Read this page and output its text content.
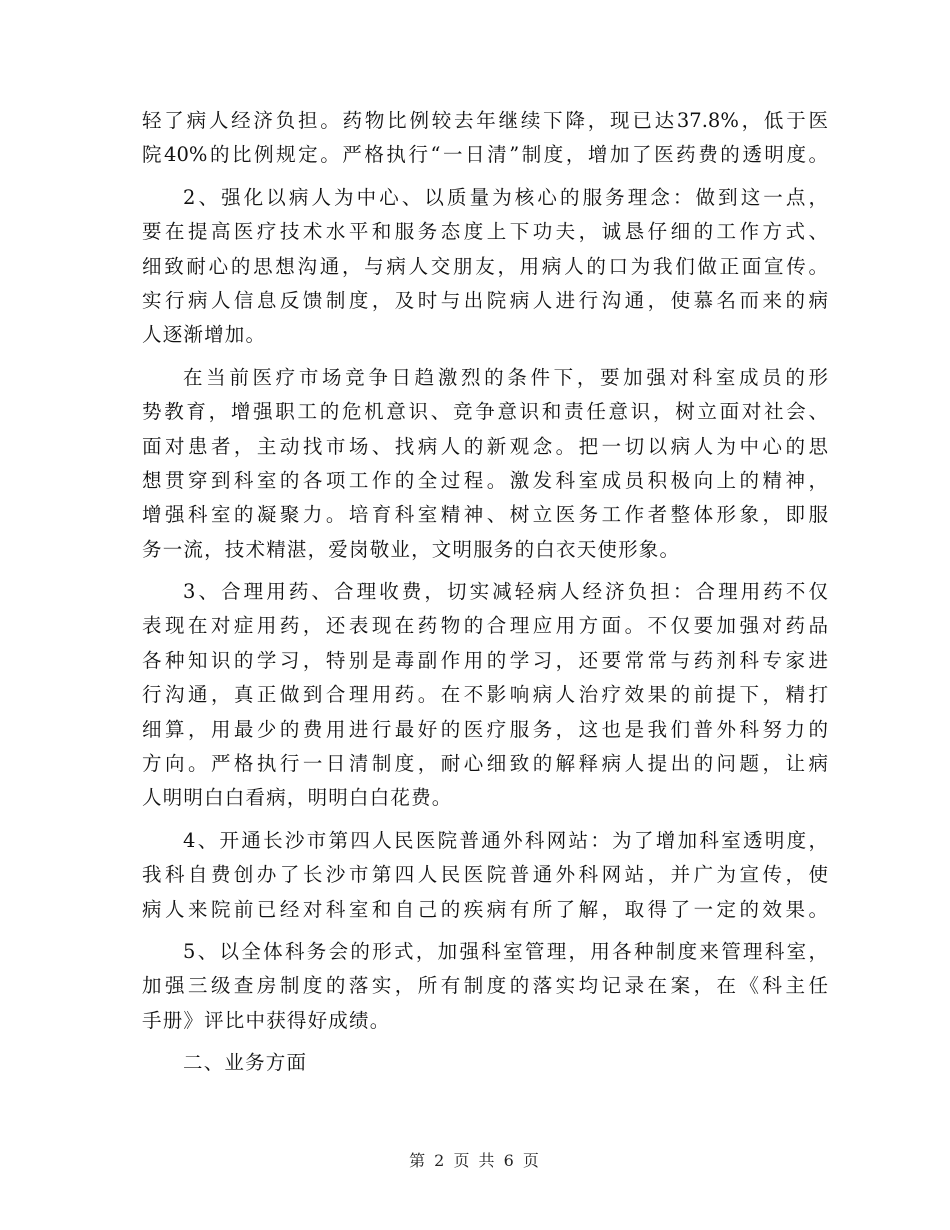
轻了病人经济负担。药物比例较去年继续下降，现已达37.8%，低于医
院40%的比例规定。严格执行“一日清”制度，增加了医药费的透明度。
2、强化以病人为中心、以质量为核心的服务理念：做到这一点，
要在提高医疗技术水平和服务态度上下功夫，诚恳仔细的工作方式、
细致耐心的思想沟通，与病人交朋友，用病人的口为我们做正面宣传。
实行病人信息反馈制度，及时与出院病人进行沟通，使慕名而来的病
人逐渐增加。
在当前医疗市场竞争日趋激烈的条件下，要加强对科室成员的形
势教育，增强职工的危机意识、竞争意识和责任意识，树立面对社会、
面对患者，主动找市场、找病人的新观念。把一切以病人为中心的思
想贯穿到科室的各项工作的全过程。激发科室成员积极向上的精神，
增强科室的凝聚力。培育科室精神、树立医务工作者整体形象，即服
务一流，技术精湛，爱岗敬业，文明服务的白衣天使形象。
3、合理用药、合理收费，切实减轻病人经济负担：合理用药不仅
表现在对症用药，还表现在药物的合理应用方面。不仅要加强对药品
各种知识的学习，特别是毒副作用的学习，还要常常与药剂科专家进
行沟通，真正做到合理用药。在不影响病人治疗效果的前提下，精打
细算，用最少的费用进行最好的医疗服务，这也是我们普外科努力的
方向。严格执行一日清制度，耐心细致的解释病人提出的问题，让病
人明明白白看病，明明白白花费。
4、开通长沙市第四人民医院普通外科网站：为了增加科室透明度，
我科自费创办了长沙市第四人民医院普通外科网站，并广为宣传，使
病人来院前已经对科室和自己的疾病有所了解，取得了一定的效果。
5、以全体科务会的形式，加强科室管理，用各种制度来管理科室，
加强三级查房制度的落实，所有制度的落实均记录在案，在《科主任
手册》评比中获得好成绩。
二、业务方面
第 2 页 共 6 页
